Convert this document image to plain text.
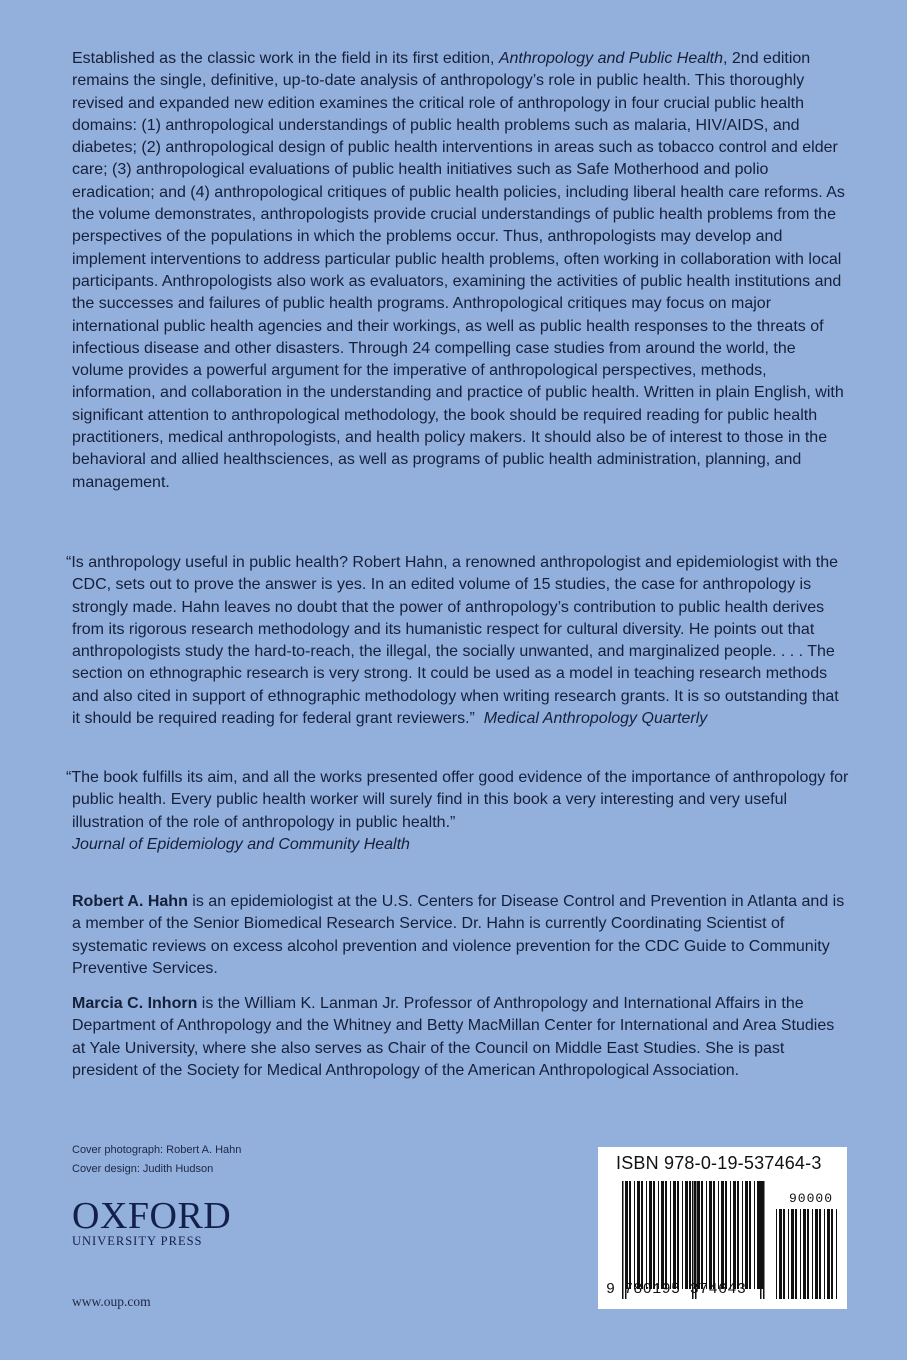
Established as the classic work in the field in its first edition, Anthropology and Public Health, 2nd edition remains the single, definitive, up-to-date analysis of anthropology’s role in public health. This thoroughly revised and expanded new edition examines the critical role of anthropology in four crucial public health domains: (1) anthropological understandings of public health problems such as malaria, HIV/AIDS, and diabetes; (2) anthropological design of public health interventions in areas such as tobacco control and elder care; (3) anthropological evaluations of public health initiatives such as Safe Motherhood and polio eradication; and (4) anthropological critiques of public health policies, including liberal health care reforms. As the volume demonstrates, anthropologists provide crucial understandings of public health problems from the perspectives of the populations in which the problems occur. Thus, anthropologists may develop and implement interventions to address particular public health problems, often working in collaboration with local participants. Anthropologists also work as evaluators, examining the activities of public health institutions and the successes and failures of public health programs. Anthropological critiques may focus on major international public health agencies and their workings, as well as public health responses to the threats of infectious disease and other disasters. Through 24 compelling case studies from around the world, the volume provides a powerful argument for the imperative of anthropological perspectives, methods, information, and collaboration in the understanding and practice of public health. Written in plain English, with significant attention to anthropological methodology, the book should be required reading for public health practitioners, medical anthropologists, and health policy makers. It should also be of interest to those in the behavioral and allied healthsciences, as well as programs of public health administration, planning, and management.

“Is anthropology useful in public health? Robert Hahn, a renowned anthropologist and epidemiologist with the CDC, sets out to prove the answer is yes. In an edited volume of 15 studies, the case for anthropology is strongly made. Hahn leaves no doubt that the power of anthropology’s contribution to public health derives from its rigorous research methodology and its humanistic respect for cultural diversity. He points out that anthropologists study the hard-to-reach, the illegal, the socially unwanted, and marginalized people. . . . The section on ethnographic research is very strong. It could be used as a model in teaching research methods and also cited in support of ethnographic methodology when writing research grants. It is so outstanding that it should be required reading for federal grant reviewers.” Medical Anthropology Quarterly

“The book fulfills its aim, and all the works presented offer good evidence of the importance of anthropology for public health. Every public health worker will surely find in this book a very interesting and very useful illustration of the role of anthropology in public health.”
Journal of Epidemiology and Community Health

Robert A. Hahn is an epidemiologist at the U.S. Centers for Disease Control and Prevention in Atlanta and is a member of the Senior Biomedical Research Service. Dr. Hahn is currently Coordinating Scientist of systematic reviews on excess alcohol prevention and violence prevention for the CDC Guide to Community Preventive Services.

Marcia C. Inhorn is the William K. Lanman Jr. Professor of Anthropology and International Affairs in the Department of Anthropology and the Whitney and Betty MacMillan Center for International and Area Studies at Yale University, where she also serves as Chair of the Council on Middle East Studies. She is past president of the Society for Medical Anthropology of the American Anthropological Association.

Cover photograph: Robert A. Hahn
Cover design: Judith Hudson
OXFORD
UNIVERSITY PRESS
www.oup.com
ISBN 978-0-19-537464-3
90000
9 780195 374643
